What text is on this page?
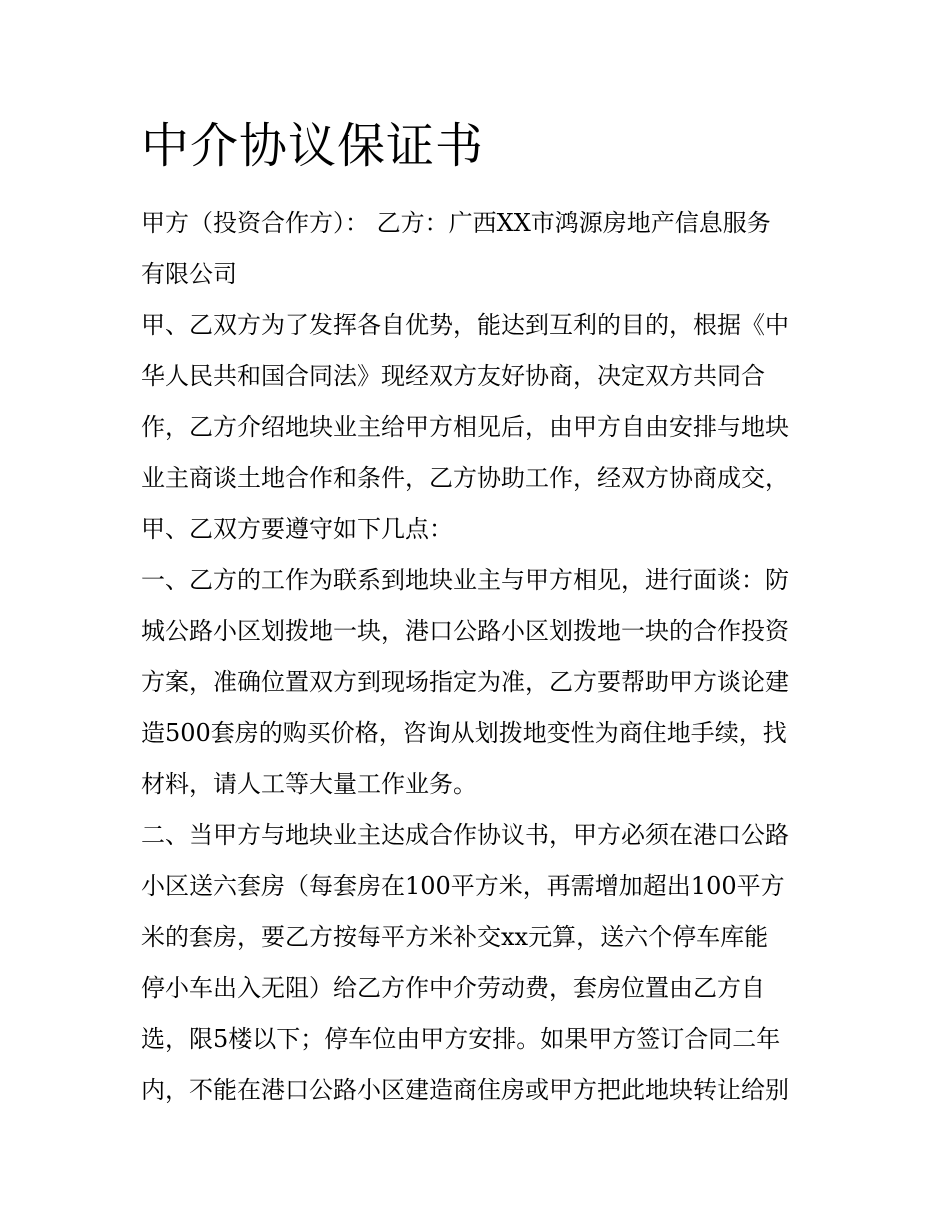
中介协议保证书

甲方（投资合作方）： 乙方：广西XX市鸿源房地产信息服务

有限公司

甲、乙双方为了发挥各自优势，能达到互利的目的，根据《中

华人民共和国合同法》现经双方友好协商，决定双方共同合

作，乙方介绍地块业主给甲方相见后，由甲方自由安排与地块

业主商谈土地合作和条件，乙方协助工作，经双方协商成交，

甲、乙双方要遵守如下几点：

一、乙方的工作为联系到地块业主与甲方相见，进行面谈：防

城公路小区划拨地一块，港口公路小区划拨地一块的合作投资

方案，准确位置双方到现场指定为准，乙方要帮助甲方谈论建

造500套房的购买价格，咨询从划拨地变性为商住地手续，找

材料，请人工等大量工作业务。

二、当甲方与地块业主达成合作协议书，甲方必须在港口公路

小区送六套房（每套房在100平方米，再需增加超出100平方

米的套房，要乙方按每平方米补交xx元算，送六个停车库能

停小车出入无阻）给乙方作中介劳动费，套房位置由乙方自

选，限5楼以下；停车位由甲方安排。如果甲方签订合同二年

内，不能在港口公路小区建造商住房或甲方把此地块转让给别
